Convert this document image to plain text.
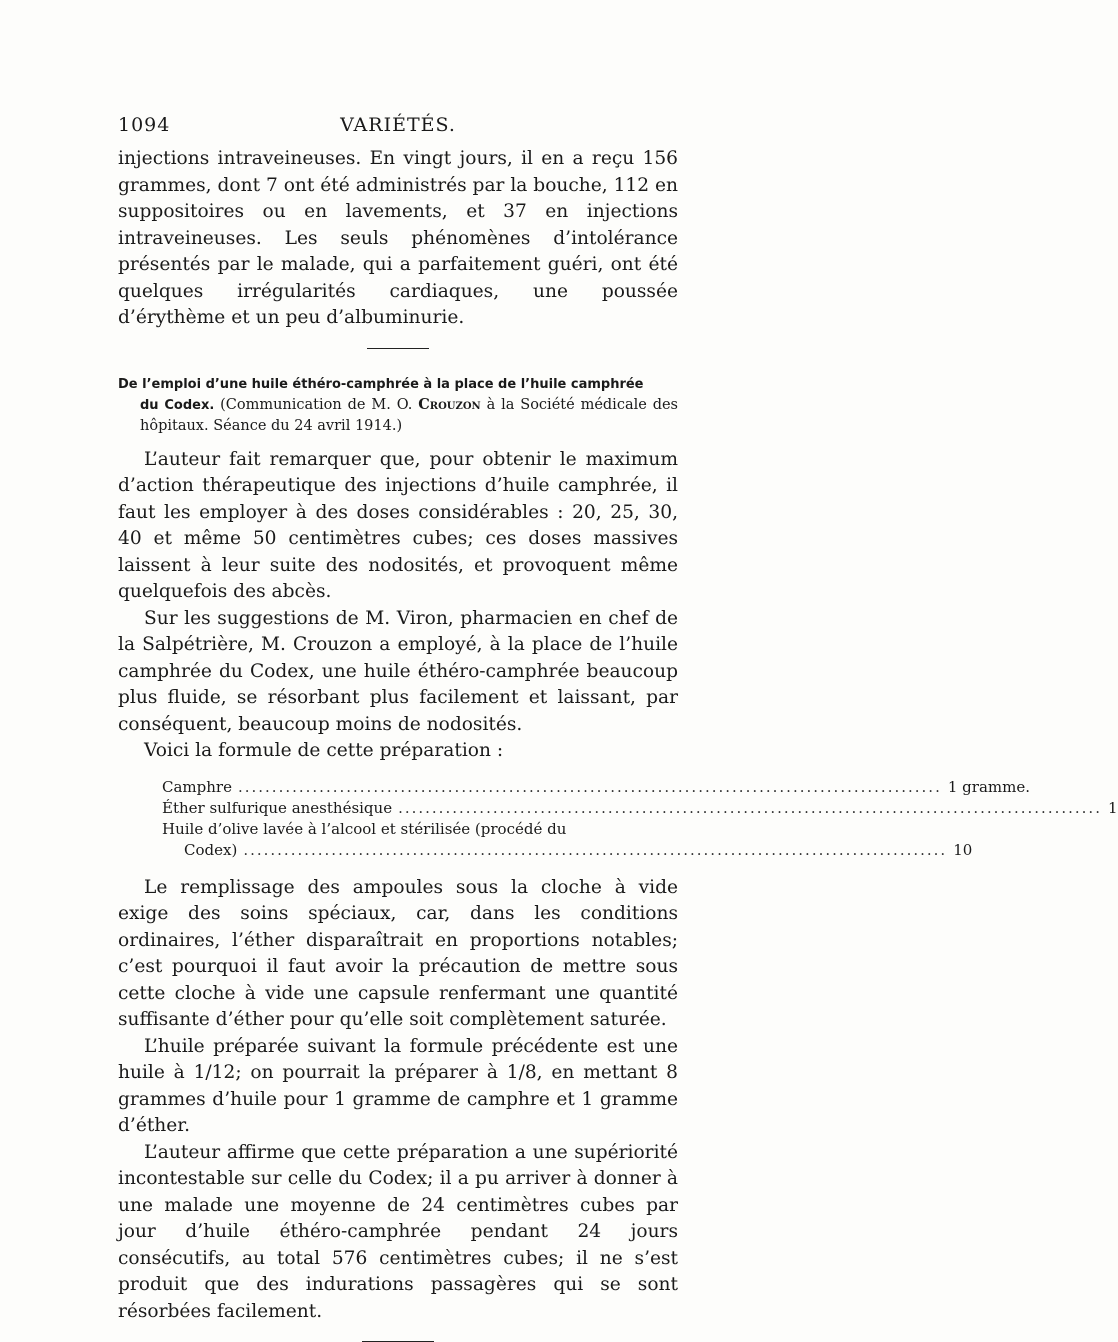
1094	VARIÉTÉS.

injections intraveineuses. En vingt jours, il en a reçu 156 grammes, dont 7 ont été administrés par la bouche, 112 en suppositoires ou en lavements, et 37 en injections intraveineuses. Les seuls phénomènes d’intolérance présentés par le malade, qui a parfaitement guéri, ont été quelques irrégularités cardiaques, une poussée d’érythème et un peu d’albuminurie.

De l’emploi d’une huile éthéro-camphrée à la place de l’huile camphrée
du Codex. (Communication de M. O. Crouzon à la Société médicale des hôpitaux. Séance du 24 avril 1914.)

L’auteur fait remarquer que, pour obtenir le maximum d’action thérapeutique des injections d’huile camphrée, il faut les employer à des doses considérables : 20, 25, 30, 40 et même 50 centimètres cubes; ces doses massives laissent à leur suite des nodosités, et provoquent même quelquefois des abcès.

Sur les suggestions de M. Viron, pharmacien en chef de la Salpétrière, M. Crouzon a employé, à la place de l’huile camphrée du Codex, une huile éthéro-camphrée beaucoup plus fluide, se résorbant plus facilement et laissant, par conséquent, beaucoup moins de nodosités.

Voici la formule de cette préparation :

Camphre ........................................................................................................ 1 gramme.
Éther sulfurique anesthésique ........................................................................................................ 1
Huile d’olive lavée à l’alcool et stérilisée (procédé du
Codex) ........................................................................................................ 10

Le remplissage des ampoules sous la cloche à vide exige des soins spéciaux, car, dans les conditions ordinaires, l’éther disparaîtrait en proportions notables; c’est pourquoi il faut avoir la précaution de mettre sous cette cloche à vide une capsule renfermant une quantité suffisante d’éther pour qu’elle soit complètement saturée.

L’huile préparée suivant la formule précédente est une huile à 1/12; on pourrait la préparer à 1/8, en mettant 8 grammes d’huile pour 1 gramme de camphre et 1 gramme d’éther.

L’auteur affirme que cette préparation a une supériorité incontestable sur celle du Codex; il a pu arriver à donner à une malade une moyenne de 24 centimètres cubes par jour d’huile éthéro-camphrée pendant 24 jours consécutifs, au total 576 centimètres cubes; il ne s’est produit que des indurations passagères qui se sont résorbées facilement.
